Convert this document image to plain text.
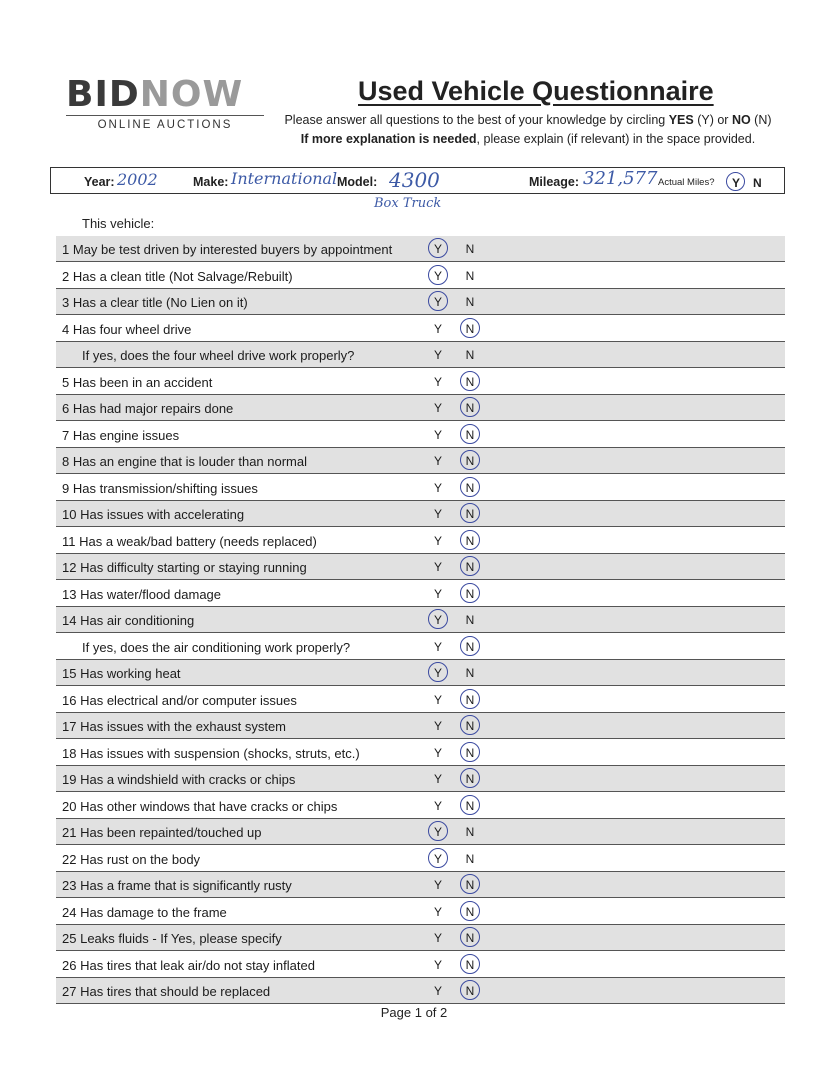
BIDNOW
ONLINE AUCTIONS
Used Vehicle Questionnaire
Please answer all questions to the best of your knowledge by circling YES (Y) or NO (N)
If more explanation is needed, please explain (if relevant) in the space provided.
Year: 2002	Make: International Model: 4300	Mileage: 321,577 Actual Miles? Y N
Box Truck
This vehicle:
1 May be test driven by interested buyers by appointment	Y N
2 Has a clean title (Not Salvage/Rebuilt)	Y N
3 Has a clear title (No Lien on it)	Y N
4 Has four wheel drive	Y N
If yes, does the four wheel drive work properly?	Y N
5 Has been in an accident	Y N
6 Has had major repairs done	Y N
7 Has engine issues	Y N
8 Has an engine that is louder than normal	Y N
9 Has transmission/shifting issues	Y N
10 Has issues with accelerating	Y N
11 Has a weak/bad battery (needs replaced)	Y N
12 Has difficulty starting or staying running	Y N
13 Has water/flood damage	Y N
14 Has air conditioning	Y N
If yes, does the air conditioning work properly?	Y N
15 Has working heat	Y N
16 Has electrical and/or computer issues	Y N
17 Has issues with the exhaust system	Y N
18 Has issues with suspension (shocks, struts, etc.)	Y N
19 Has a windshield with cracks or chips	Y N
20 Has other windows that have cracks or chips	Y N
21 Has been repainted/touched up	Y N
22 Has rust on the body	Y N
23 Has a frame that is significantly rusty	Y N
24 Has damage to the frame	Y N
25 Leaks fluids - If Yes, please specify	Y N
26 Has tires that leak air/do not stay inflated	Y N
27 Has tires that should be replaced	Y N
Page 1 of 2
